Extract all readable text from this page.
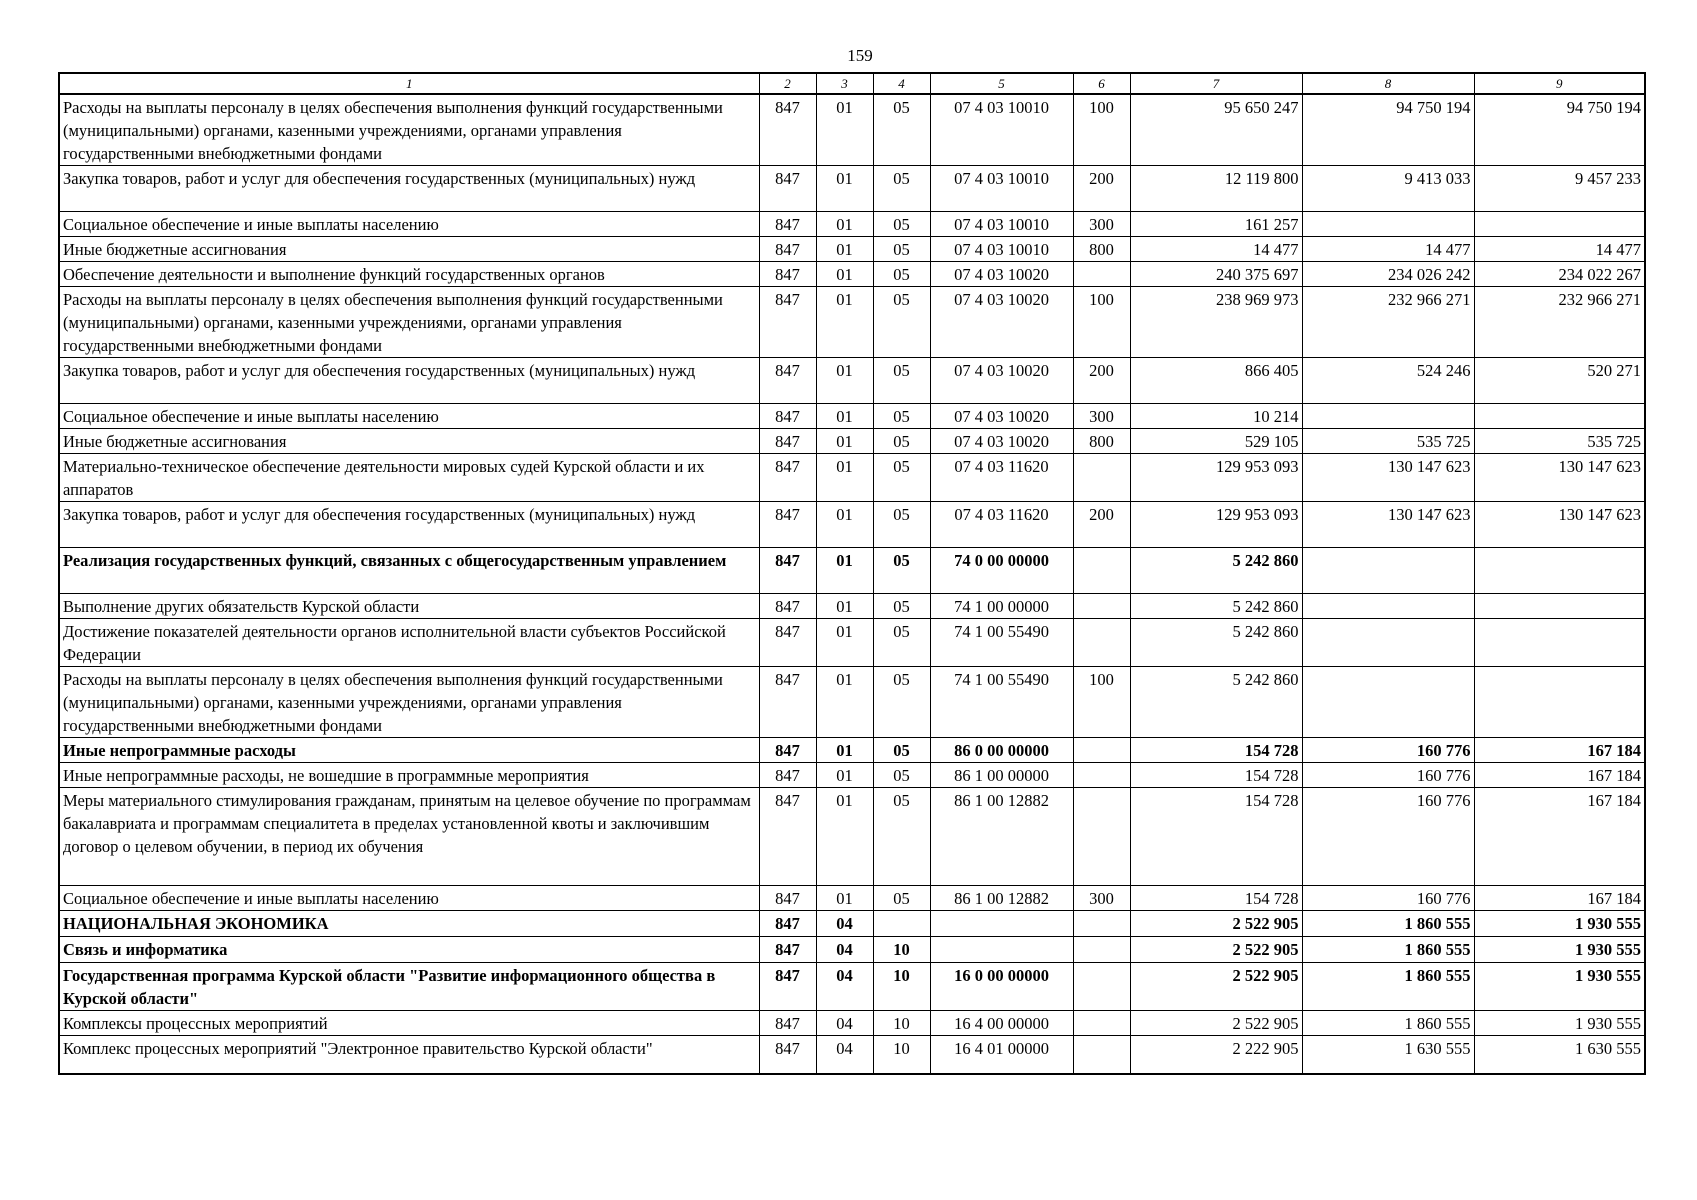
159
1	2	3	4	5	6	7	8	9
Расходы на выплаты персоналу в целях обеспечения выполнения функций государственными (муниципальными) органами, казенными учреждениями, органами управления государственными внебюджетными фондами	847	01	05	07 4 03 10010	100	95 650 247	94 750 194	94 750 194
Закупка товаров, работ и услуг для обеспечения государственных (муниципальных) нужд	847	01	05	07 4 03 10010	200	12 119 800	9 413 033	9 457 233
Социальное обеспечение и иные выплаты населению	847	01	05	07 4 03 10010	300	161 257		
Иные бюджетные ассигнования	847	01	05	07 4 03 10010	800	14 477	14 477	14 477
Обеспечение деятельности и выполнение функций государственных органов	847	01	05	07 4 03 10020		240 375 697	234 026 242	234 022 267
Расходы на выплаты персоналу в целях обеспечения выполнения функций государственными (муниципальными) органами, казенными учреждениями, органами управления государственными внебюджетными фондами	847	01	05	07 4 03 10020	100	238 969 973	232 966 271	232 966 271
Закупка товаров, работ и услуг для обеспечения государственных (муниципальных) нужд	847	01	05	07 4 03 10020	200	866 405	524 246	520 271
Социальное обеспечение и иные выплаты населению	847	01	05	07 4 03 10020	300	10 214		
Иные бюджетные ассигнования	847	01	05	07 4 03 10020	800	529 105	535 725	535 725
Материально-техническое обеспечение деятельности мировых судей Курской области и их аппаратов	847	01	05	07 4 03 11620		129 953 093	130 147 623	130 147 623
Закупка товаров, работ и услуг для обеспечения государственных (муниципальных) нужд	847	01	05	07 4 03 11620	200	129 953 093	130 147 623	130 147 623
Реализация государственных функций, связанных с общегосударственным управлением	847	01	05	74 0 00 00000		5 242 860		
Выполнение других обязательств Курской области	847	01	05	74 1 00 00000		5 242 860		
Достижение показателей деятельности органов исполнительной власти субъектов Российской Федерации	847	01	05	74 1 00 55490		5 242 860		
Расходы на выплаты персоналу в целях обеспечения выполнения функций государственными (муниципальными) органами, казенными учреждениями, органами управления государственными внебюджетными фондами	847	01	05	74 1 00 55490	100	5 242 860		
Иные непрограммные расходы	847	01	05	86 0 00 00000		154 728	160 776	167 184
Иные непрограммные расходы, не вошедшие в программные мероприятия	847	01	05	86 1 00 00000		154 728	160 776	167 184
Меры материального стимулирования гражданам, принятым на целевое обучение по программам бакалавриата и программам специалитета в пределах установленной квоты и заключившим договор о целевом обучении, в период их обучения	847	01	05	86 1 00 12882		154 728	160 776	167 184
Социальное обеспечение и иные выплаты населению	847	01	05	86 1 00 12882	300	154 728	160 776	167 184
НАЦИОНАЛЬНАЯ ЭКОНОМИКА	847	04				2 522 905	1 860 555	1 930 555
Связь и информатика	847	04	10			2 522 905	1 860 555	1 930 555
Государственная программа Курской области "Развитие информационного общества в Курской области"	847	04	10	16 0 00 00000		2 522 905	1 860 555	1 930 555
Комплексы процессных мероприятий	847	04	10	16 4 00 00000		2 522 905	1 860 555	1 930 555
Комплекс процессных мероприятий "Электронное правительство Курской области"	847	04	10	16 4 01 00000		2 222 905	1 630 555	1 630 555
